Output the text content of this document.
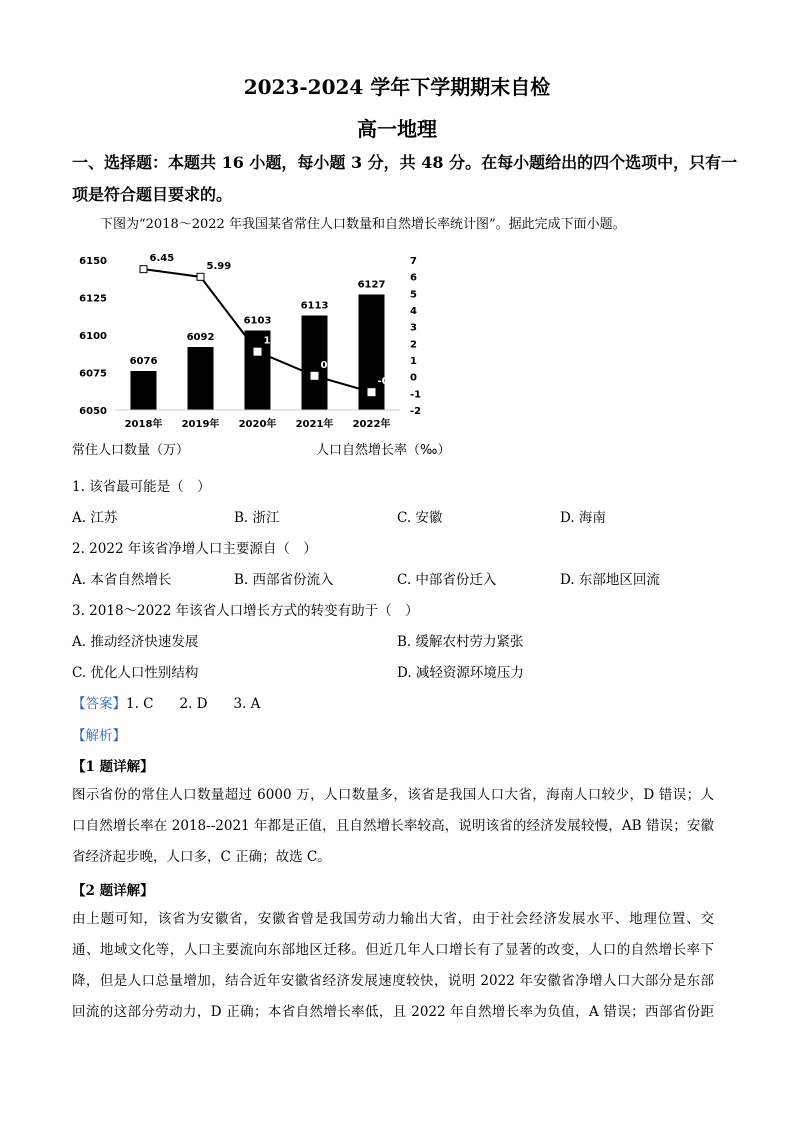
2023-2024 学年下学期期末自检
高一地理
一、选择题：本题共 16 小题，每小题 3 分，共 48 分。在每小题给出的四个选项中，只有一
项是符合题目要求的。
下图为“2018～2022 年我国某省常住人口数量和自然增长率统计图”。据此完成下面小题。
6150
6125
6100
6075
6050
7
6
5
4
3
2
1
0
-1
-2
6076
6092
6103
6113
6127
6.45
5.99
1.5
0.05
-0.93
2018年 2019年 2020年 2021年 2022年
常住人口数量（万）	人口自然增长率（‰）
1. 该省最可能是（　）
A. 江苏	B. 浙江	C. 安徽	D. 海南
2. 2022 年该省净增人口主要源自（　）
A. 本省自然增长	B. 西部省份流入	C. 中部省份迁入	D. 东部地区回流
3. 2018～2022 年该省人口增长方式的转变有助于（　）
A. 推动经济快速发展	B. 缓解农村劳力紧张
C. 优化人口性别结构	D. 减轻资源环境压力
【答案】1. C 2. D 3. A
【解析】
【1 题详解】
图示省份的常住人口数量超过 6000 万，人口数量多，该省是我国人口大省，海南人口较少，D 错误；人
口自然增长率在 2018--2021 年都是正值，且自然增长率较高，说明该省的经济发展较慢，AB 错误；安徽
省经济起步晚，人口多，C 正确；故选 C。
【2 题详解】
由上题可知，该省为安徽省，安徽省曾是我国劳动力输出大省，由于社会经济发展水平、地理位置、交
通、地域文化等，人口主要流向东部地区迁移。但近几年人口增长有了显著的改变，人口的自然增长率下
降，但是人口总量增加，结合近年安徽省经济发展速度较快，说明 2022 年安徽省净增人口大部分是东部
回流的这部分劳动力，D 正确；本省自然增长率低，且 2022 年自然增长率为负值，A 错误；西部省份距
